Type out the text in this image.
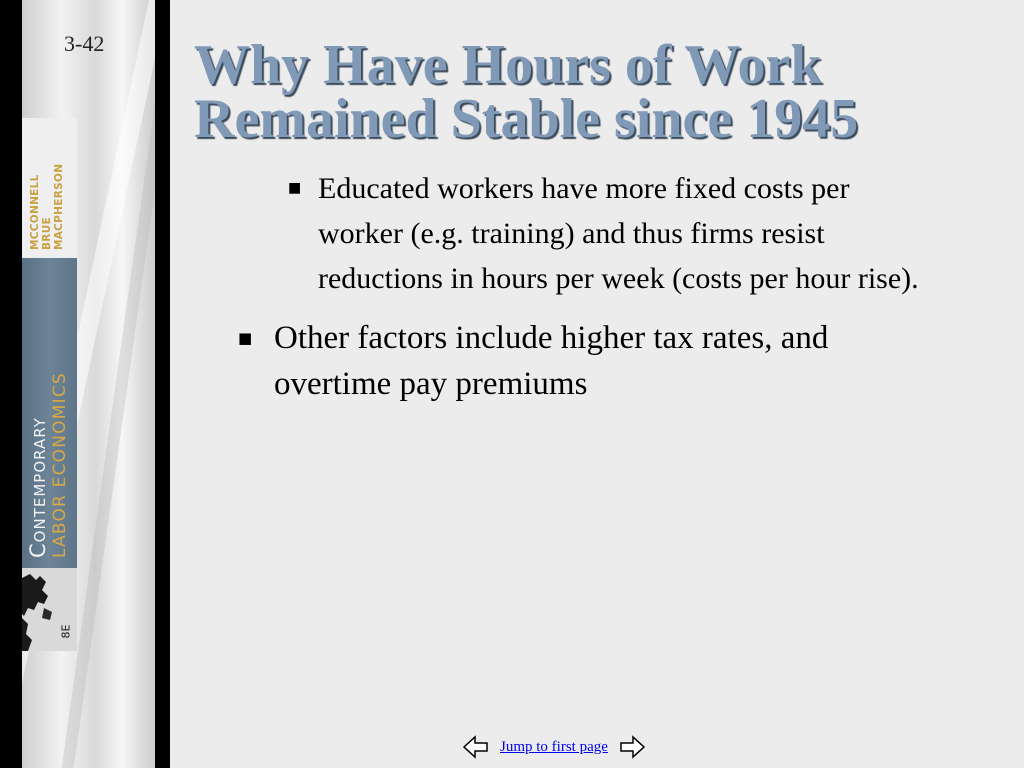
3-42
MCCONNELL BRUE MACPHERSON
Contemporary LABOR ECONOMICS
8E
Why Have Hours of Work
Remained Stable since 1945
■ Educated workers have more fixed costs per worker (e.g. training) and thus firms resist reductions in hours per week (costs per hour rise).
■ Other factors include higher tax rates, and overtime pay premiums
Jump to first page
